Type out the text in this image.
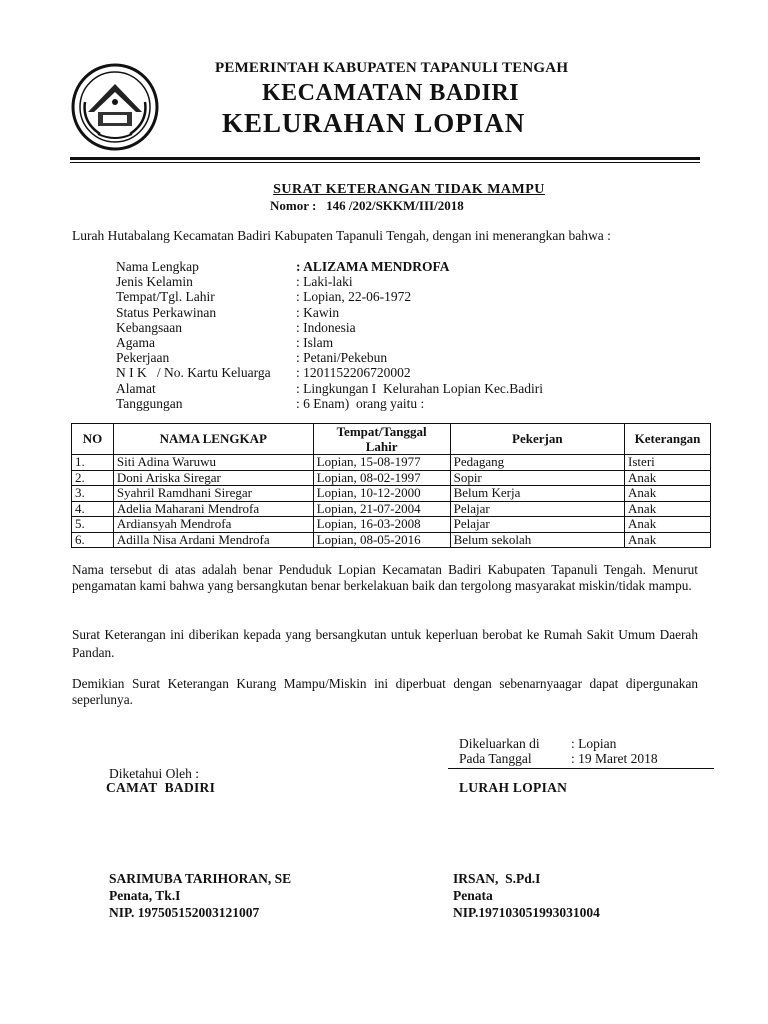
PEMERINTAH KABUPATEN TAPANULI TENGAH
KECAMATAN BADIRI
KELURAHAN LOPIAN
SURAT KETERANGAN TIDAK MAMPU
Nomor : 146 /202/SKKM/III/2018
Lurah Hutabalang Kecamatan Badiri Kabupaten Tapanuli Tengah, dengan ini menerangkan bahwa :
Nama Lengkap	: ALIZAMA MENDROFA
Jenis Kelamin	: Laki-laki
Tempat/Tgl. Lahir	: Lopian, 22-06-1972
Status Perkawinan	: Kawin
Kebangsaan	: Indonesia
Agama	: Islam
Pekerjaan	: Petani/Pekebun
N I K   / No. Kartu Keluarga	: 1201152206720002
Alamat	: Lingkungan I  Kelurahan Lopian Kec.Badiri
Tanggungan	: 6 Enam)  orang yaitu :
NO	NAMA LENGKAP	Tempat/Tanggal Lahir	Pekerjan	Keterangan
1.	Siti Adina Waruwu	Lopian, 15-08-1977	Pedagang	Isteri
2.	Doni Ariska Siregar	Lopian, 08-02-1997	Sopir	Anak
3.	Syahril Ramdhani Siregar	Lopian, 10-12-2000	Belum Kerja	Anak
4.	Adelia Maharani Mendrofa	Lopian, 21-07-2004	Pelajar	Anak
5.	Ardiansyah Mendrofa	Lopian, 16-03-2008	Pelajar	Anak
6.	Adilla Nisa Ardani Mendrofa	Lopian, 08-05-2016	Belum sekolah	Anak
Nama tersebut di atas adalah benar Penduduk Lopian Kecamatan Badiri Kabupaten Tapanuli Tengah. Menurut pengamatan kami bahwa yang bersangkutan benar berkelakuan baik dan tergolong masyarakat miskin/tidak mampu.
Surat Keterangan ini diberikan kepada yang bersangkutan untuk keperluan berobat ke Rumah Sakit Umum Daerah Pandan.
Demikian Surat Keterangan Kurang Mampu/Miskin ini diperbuat dengan sebenarnyaagar dapat dipergunakan seperlunya.
Dikeluarkan di	: Lopian
Pada Tanggal	: 19 Maret 2018
Diketahui Oleh :
CAMAT  BADIRI	LURAH LOPIAN
SARIMUBA TARIHORAN, SE
Penata, Tk.I
NIP. 197505152003121007
IRSAN,  S.Pd.I
Penata
NIP.197103051993031004
